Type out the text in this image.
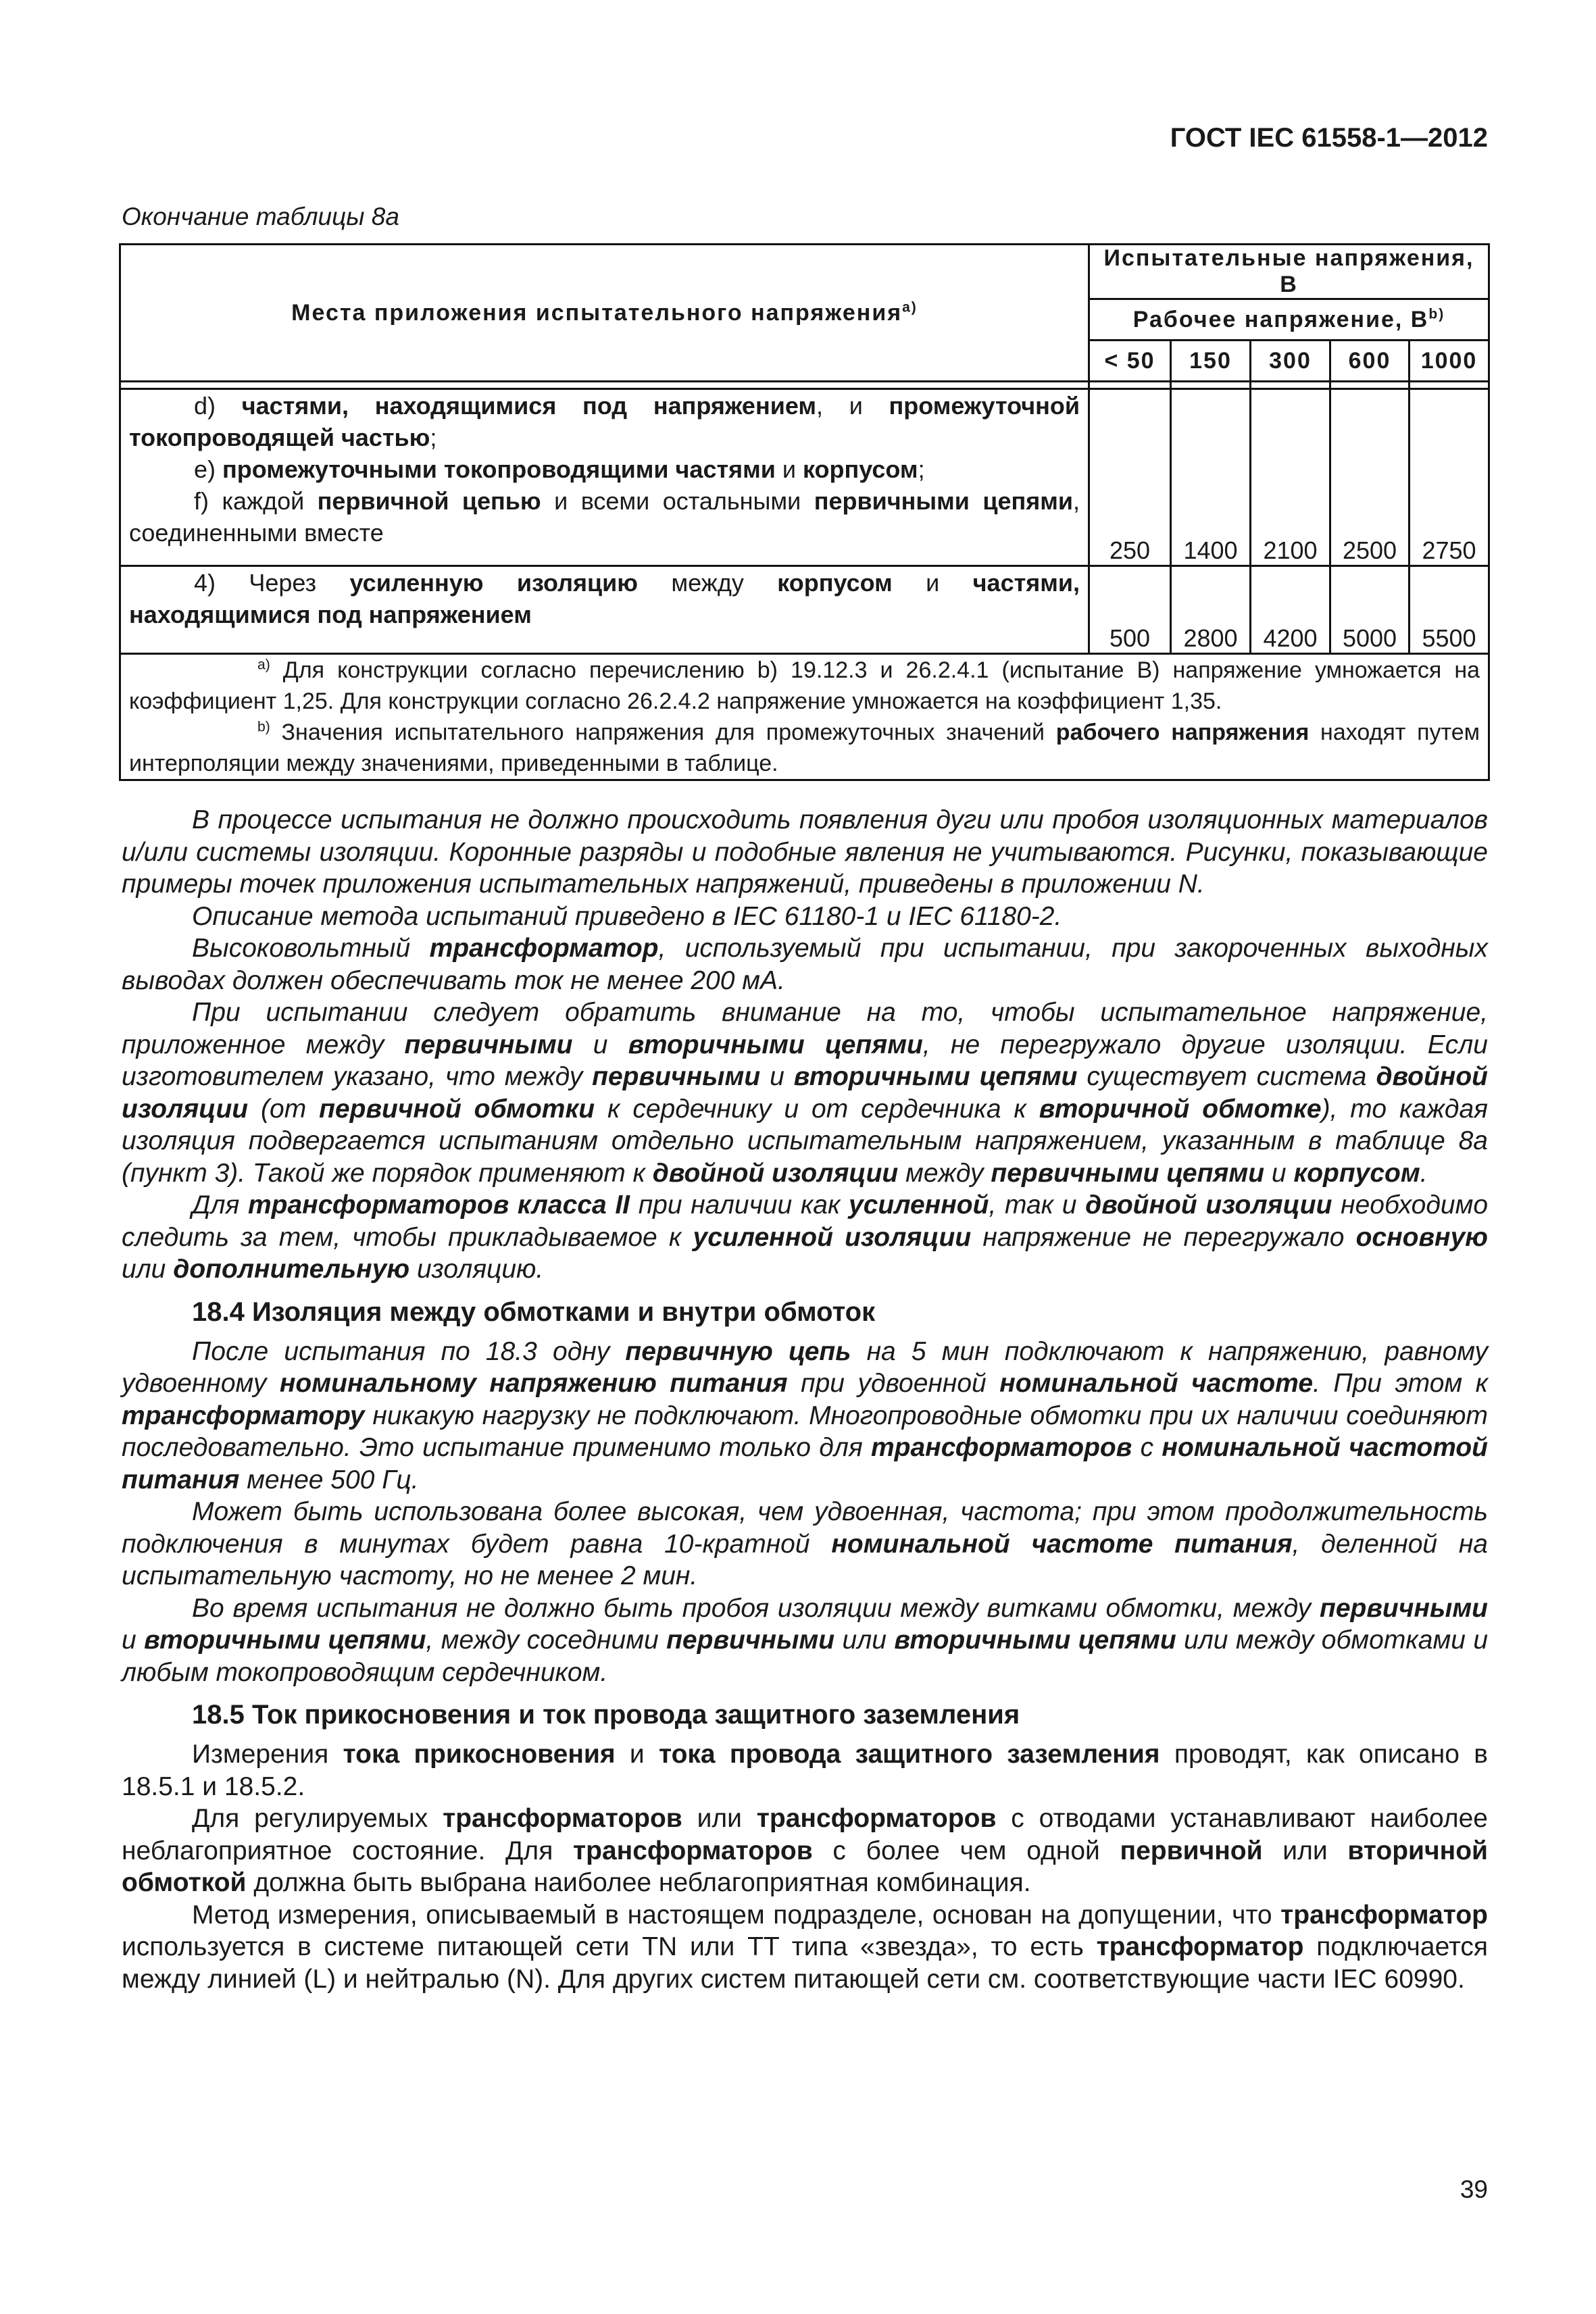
ГОСТ IEC 61558-1—2012
Окончание таблицы 8а
Места приложения испытательного напряжения$^{а)}$	Испытательные напряжения, В				
	Рабочее напряжение, $В^{b)}$
	< 50	150	300	600	1000

d) частями, находящимися под напряжением, и промежуточной токопроводящей частью;
е) промежуточными токопроводящими частями и корпусом;
f) каждой первичной цепью и всеми остальными первичными цепями, соединенными вместе	250	1400	2100	2500	2750

4) Через усиленную изоляцию между корпусом и частями, находящимися под напряжением	500	2800	4200	5000	5500

$^{а)}$ Для конструкции согласно перечислению b) 19.12.3 и 26.2.4.1 (испытание В) напряжение умножается на коэффициент 1,25. Для конструкции согласно 26.2.4.2 напряжение умножается на коэффициент 1,35.
$^{b)}$ Значения испытательного напряжения для промежуточных значений рабочего напряжения находят путем интерполяции между значениями, приведенными в таблице.					

В процессе испытания не должно происходить появления дуги или пробоя изоляционных материалов и/или системы изоляции. Коронные разряды и подобные явления не учитываются. Рисунки, показывающие примеры точек приложения испытательных напряжений, приведены в приложении N.

Описание метода испытаний приведено в IEC 61180-1 и IEC 61180-2.

Высоковольтный трансформатор, используемый при испытании, при закороченных выходных выводах должен обеспечивать ток не менее 200 мА.

При испытании следует обратить внимание на то, чтобы испытательное напряжение, приложенное между первичными и вторичными цепями, не перегружало другие изоляции. Если изготовителем указано, что между первичными и вторичными цепями существует система двойной изоляции (от первичной обмотки к сердечнику и от сердечника к вторичной обмотке), то каждая изоляция подвергается испытаниям отдельно испытательным напряжением, указанным в таблице 8а (пункт 3). Такой же порядок применяют к двойной изоляции между первичными цепями и корпусом.

Для трансформаторов класса II при наличии как усиленной, так и двойной изоляции необходимо следить за тем, чтобы прикладываемое к усиленной изоляции напряжение не перегружало основную или дополнительную изоляцию.

18.4 Изоляция между обмотками и внутри обмоток

После испытания по 18.3 одну первичную цепь на 5 мин подключают к напряжению, равному удвоенному номинальному напряжению питания при удвоенной номинальной частоте. При этом к трансформатору никакую нагрузку не подключают. Многопроводные обмотки при их наличии соединяют последовательно. Это испытание применимо только для трансформаторов с номинальной частотой питания менее 500 Гц.

Может быть использована более высокая, чем удвоенная, частота; при этом продолжительность подключения в минутах будет равна 10-кратной номинальной частоте питания, деленной на испытательную частоту, но не менее 2 мин.

Во время испытания не должно быть пробоя изоляции между витками обмотки, между первичными и вторичными цепями, между соседними первичными или вторичными цепями или между обмотками и любым токопроводящим сердечником.

18.5 Ток прикосновения и ток провода защитного заземления

Измерения тока прикосновения и тока провода защитного заземления проводят, как описано в 18.5.1 и 18.5.2.

Для регулируемых трансформаторов или трансформаторов с отводами устанавливают наиболее неблагоприятное состояние. Для трансформаторов с более чем одной первичной или вторичной обмоткой должна быть выбрана наиболее неблагоприятная комбинация.

Метод измерения, описываемый в настоящем подразделе, основан на допущении, что трансформатор используется в системе питающей сети TN или TT типа «звезда», то есть трансформатор подключается между линией (L) и нейтралью (N). Для других систем питающей сети см. соответствующие части IEC 60990.

39
